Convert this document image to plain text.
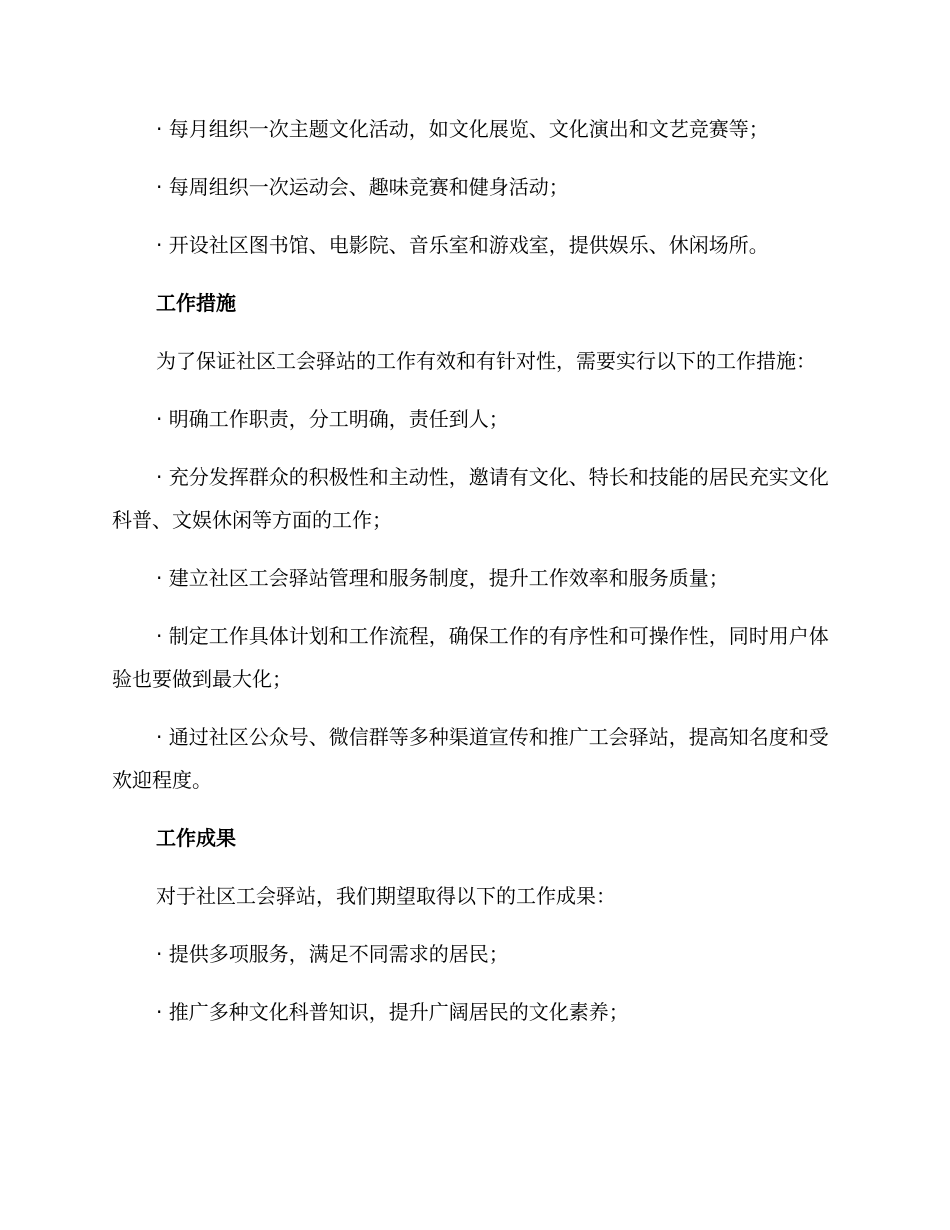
· 每月组织一次主题文化活动，如文化展览、文化演出和文艺竞赛等；

· 每周组织一次运动会、趣味竞赛和健身活动；

· 开设社区图书馆、电影院、音乐室和游戏室，提供娱乐、休闲场所。

工作措施

为了保证社区工会驿站的工作有效和有针对性，需要实行以下的工作措施：

· 明确工作职责，分工明确，责任到人；

· 充分发挥群众的积极性和主动性，邀请有文化、特长和技能的居民充实文化科普、文娱休闲等方面的工作；

· 建立社区工会驿站管理和服务制度，提升工作效率和服务质量；

· 制定工作具体计划和工作流程，确保工作的有序性和可操作性，同时用户体验也要做到最大化；

· 通过社区公众号、微信群等多种渠道宣传和推广工会驿站，提高知名度和受欢迎程度。

工作成果

对于社区工会驿站，我们期望取得以下的工作成果：

· 提供多项服务，满足不同需求的居民；

· 推广多种文化科普知识，提升广阔居民的文化素养；
